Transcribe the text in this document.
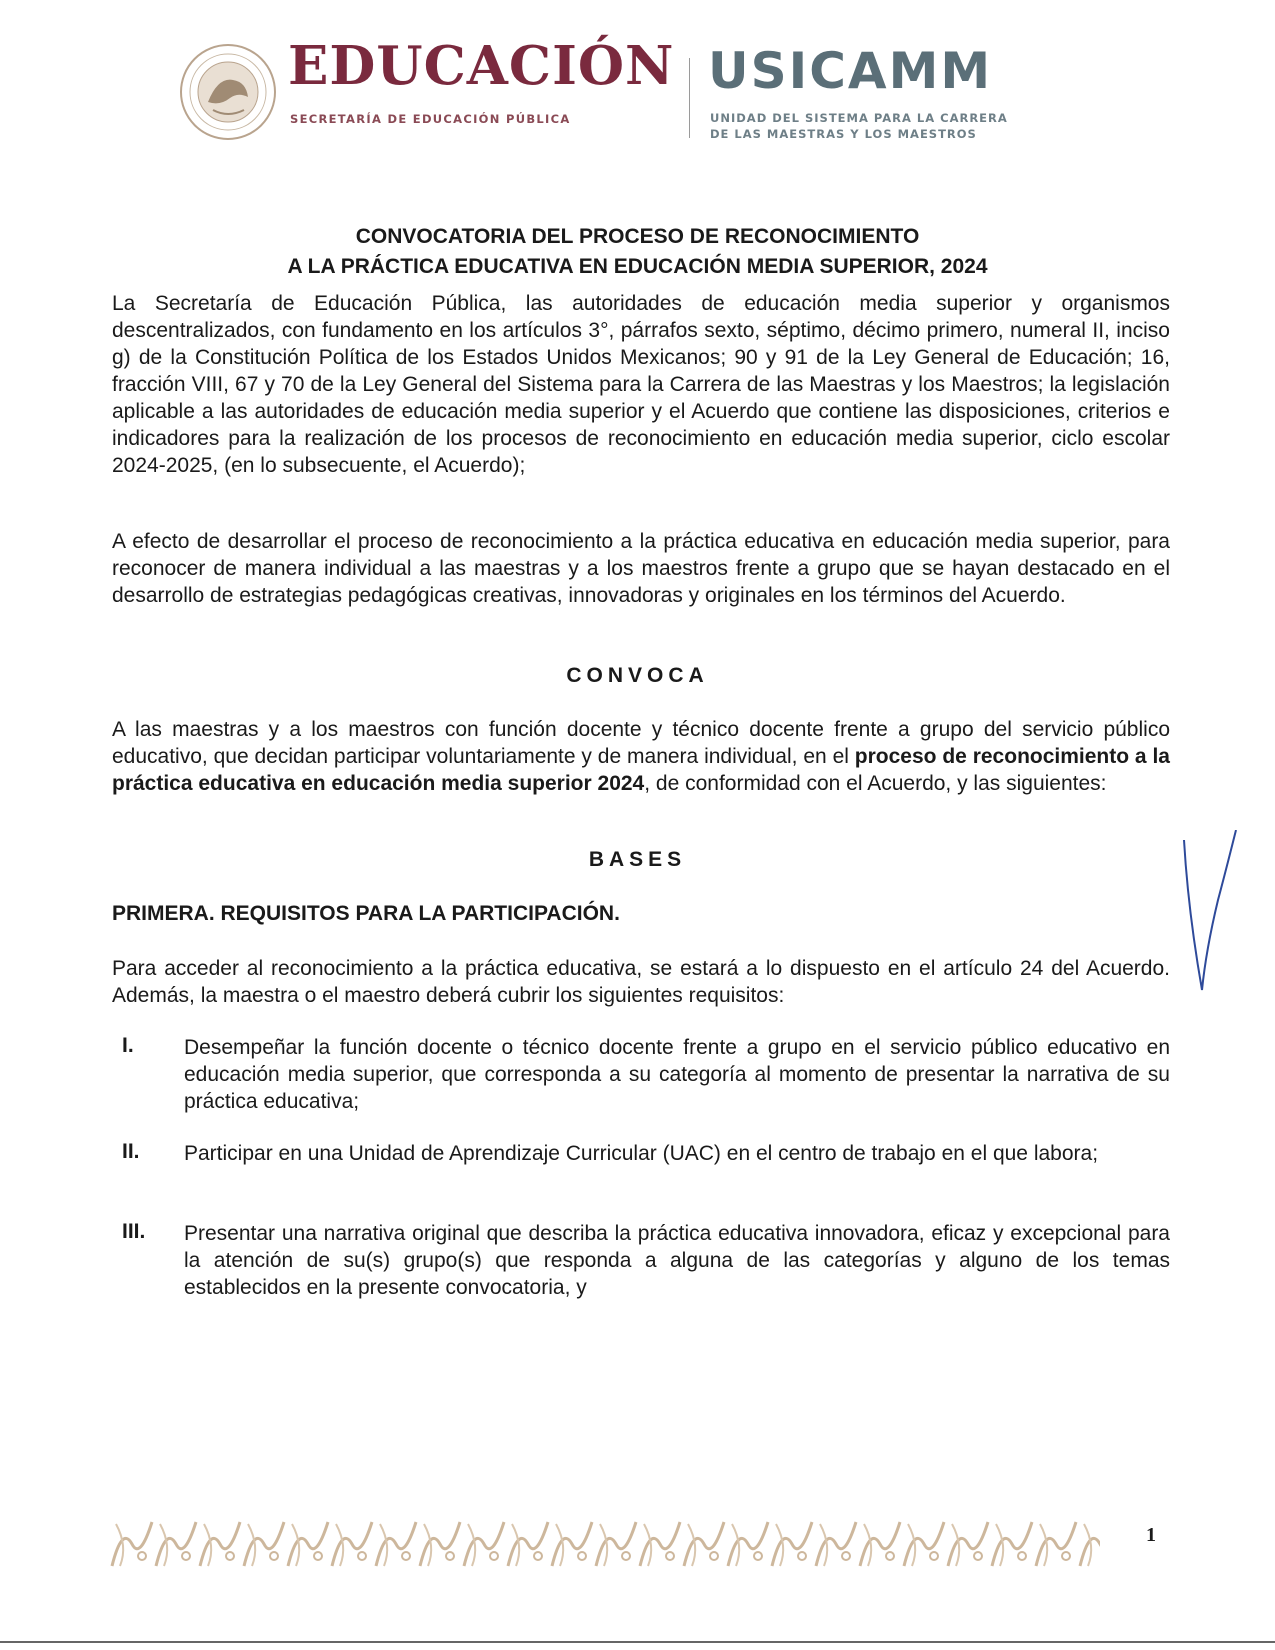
EDUCACIÓN
SECRETARÍA DE EDUCACIÓN PÚBLICA
USICAMM
UNIDAD DEL SISTEMA PARA LA CARRERA
DE LAS MAESTRAS Y LOS MAESTROS
CONVOCATORIA DEL PROCESO DE RECONOCIMIENTO
A LA PRÁCTICA EDUCATIVA EN EDUCACIÓN MEDIA SUPERIOR, 2024
La Secretaría de Educación Pública, las autoridades de educación media superior y organismos descentralizados, con fundamento en los artículos 3°, párrafos sexto, séptimo, décimo primero, numeral II, inciso g) de la Constitución Política de los Estados Unidos Mexicanos; 90 y 91 de la Ley General de Educación; 16, fracción VIII, 67 y 70 de la Ley General del Sistema para la Carrera de las Maestras y los Maestros; la legislación aplicable a las autoridades de educación media superior y el Acuerdo que contiene las disposiciones, criterios e indicadores para la realización de los procesos de reconocimiento en educación media superior, ciclo escolar 2024-2025, (en lo subsecuente, el Acuerdo);
A efecto de desarrollar el proceso de reconocimiento a la práctica educativa en educación media superior, para reconocer de manera individual a las maestras y a los maestros frente a grupo que se hayan destacado en el desarrollo de estrategias pedagógicas creativas, innovadoras y originales en los términos del Acuerdo.
CONVOCA
A las maestras y a los maestros con función docente y técnico docente frente a grupo del servicio público educativo, que decidan participar voluntariamente y de manera individual, en el proceso de reconocimiento a la práctica educativa en educación media superior 2024, de conformidad con el Acuerdo, y las siguientes:
BASES
PRIMERA. REQUISITOS PARA LA PARTICIPACIÓN.
Para acceder al reconocimiento a la práctica educativa, se estará a lo dispuesto en el artículo 24 del Acuerdo. Además, la maestra o el maestro deberá cubrir los siguientes requisitos:
I. Desempeñar la función docente o técnico docente frente a grupo en el servicio público educativo en educación media superior, que corresponda a su categoría al momento de presentar la narrativa de su práctica educativa;
II. Participar en una Unidad de Aprendizaje Curricular (UAC) en el centro de trabajo en el que labora;
III. Presentar una narrativa original que describa la práctica educativa innovadora, eficaz y excepcional para la atención de su(s) grupo(s) que responda a alguna de las categorías y alguno de los temas establecidos en la presente convocatoria, y
1
